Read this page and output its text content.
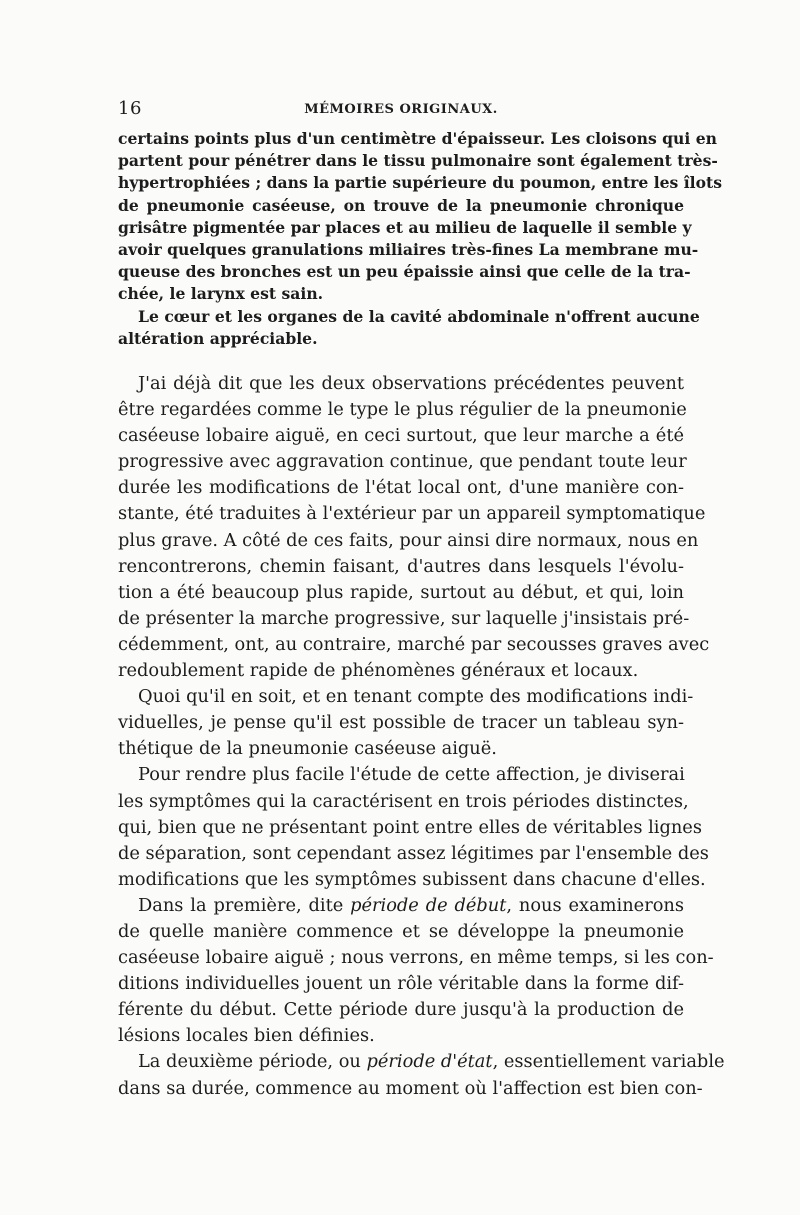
16	MÉMOIRES ORIGINAUX.

certains points plus d'un centimètre d'épaisseur. Les cloisons qui en
partent pour pénétrer dans le tissu pulmonaire sont également très-
hypertrophiées ; dans la partie supérieure du poumon, entre les îlots
de pneumonie caséeuse, on trouve de la pneumonie chronique
grisâtre pigmentée par places et au milieu de laquelle il semble y
avoir quelques granulations miliaires très-fines La membrane mu-
queuse des bronches est un peu épaissie ainsi que celle de la tra-
chée, le larynx est sain.

Le cœur et les organes de la cavité abdominale n'offrent aucune
altération appréciable.

J'ai déjà dit que les deux observations précédentes peuvent
être regardées comme le type le plus régulier de la pneumonie
caséeuse lobaire aiguë, en ceci surtout, que leur marche a été
progressive avec aggravation continue, que pendant toute leur
durée les modifications de l'état local ont, d'une manière con-
stante, été traduites à l'extérieur par un appareil symptomatique
plus grave. A côté de ces faits, pour ainsi dire normaux, nous en
rencontrerons, chemin faisant, d'autres dans lesquels l'évolu-
tion a été beaucoup plus rapide, surtout au début, et qui, loin
de présenter la marche progressive, sur laquelle j'insistais pré-
cédemment, ont, au contraire, marché par secousses graves avec
redoublement rapide de phénomènes généraux et locaux.

Quoi qu'il en soit, et en tenant compte des modifications indi-
viduelles, je pense qu'il est possible de tracer un tableau syn-
thétique de la pneumonie caséeuse aiguë.

Pour rendre plus facile l'étude de cette affection, je diviserai
les symptômes qui la caractérisent en trois périodes distinctes,
qui, bien que ne présentant point entre elles de véritables lignes
de séparation, sont cependant assez légitimes par l'ensemble des
modifications que les symptômes subissent dans chacune d'elles.

Dans la première, dite période de début, nous examinerons
de quelle manière commence et se développe la pneumonie
caséeuse lobaire aiguë ; nous verrons, en même temps, si les con-
ditions individuelles jouent un rôle véritable dans la forme dif-
férente du début. Cette période dure jusqu'à la production de
lésions locales bien définies.

La deuxième période, ou période d'état, essentiellement variable
dans sa durée, commence au moment où l'affection est bien con-
